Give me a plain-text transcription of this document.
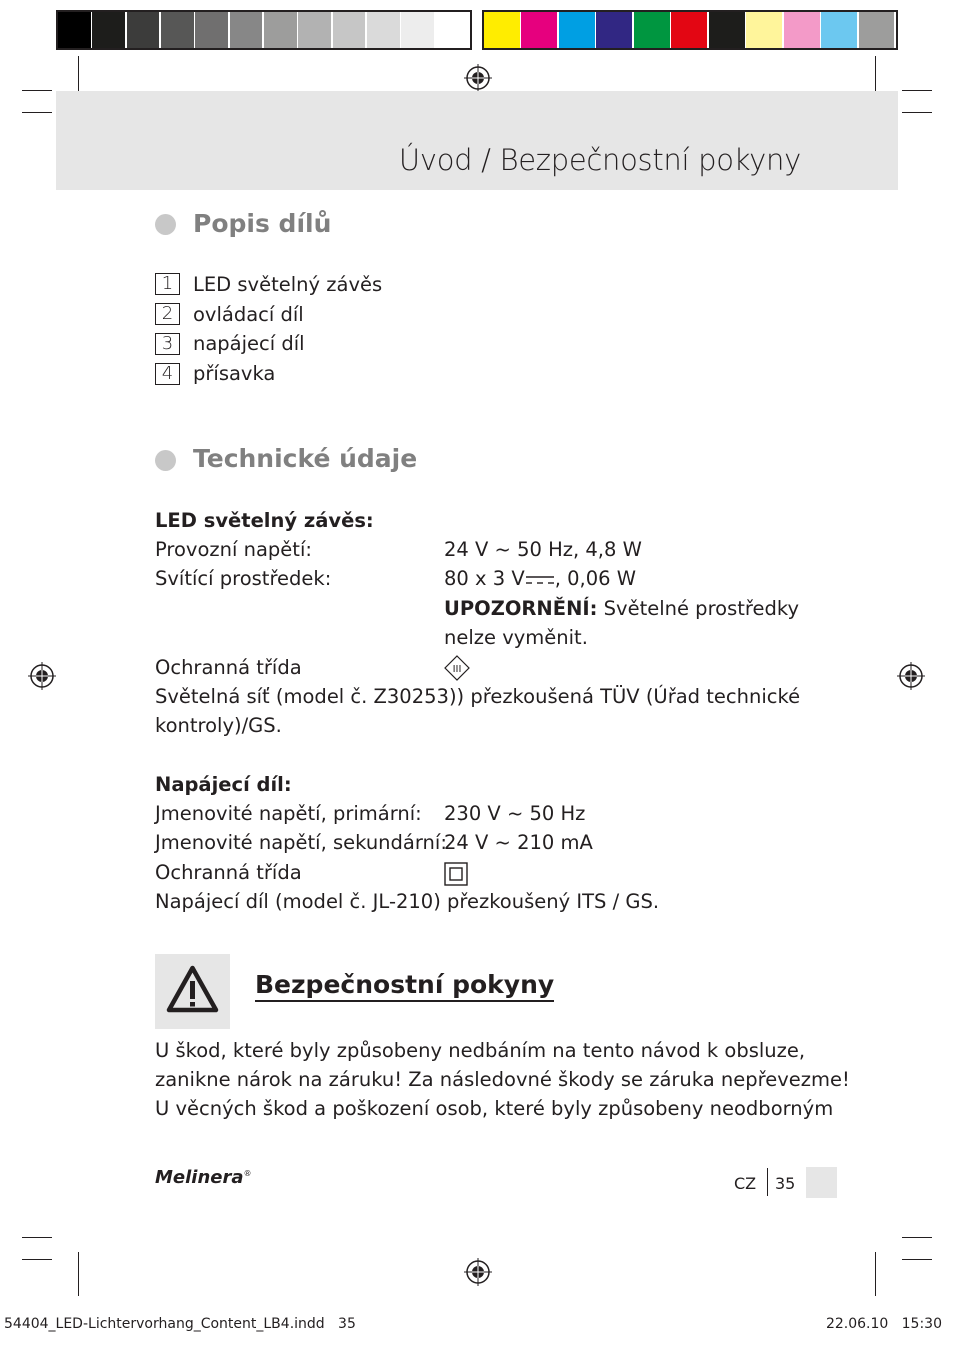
Úvod / Bezpečnostní pokyny
Popis dílů
1	LED světelný závěs
2	ovládací díl
3	napájecí díl
4	přísavka
Technické údaje
LED světelný závěs:
Provozní napětí:	24 V ~ 50 Hz, 4,8 W
Svítící prostředek:	80 x 3 V , 0,06 W
UPOZORNĚNÍ: Světelné prostředky
nelze vyměnit.
Ochranná třída	III
Světelná síť (model č. Z30253)) přezkoušená TÜV (Úřad technické
kontroly)/GS.
Napájecí díl:
Jmenovité napětí, primární: 230 V ~ 50 Hz
Jmenovité napětí, sekundární:
24 V ~ 210 mA
Ochranná třída
Napájecí díl (model č. JL-210) přezkoušený ITS / GS.
Bezpečnostní pokyny
U škod, které byly způsobeny nedbáním na tento návod k obsluze,
zanikne nárok na záruku! Za následovné škody se záruka nepřevezme!
U věcných škod a poškození osob, které byly způsobeny neodborným
Melinera®
CZ 35
54404_LED-Lichtervorhang_Content_LB4.indd   35	22.06.10   15:30
